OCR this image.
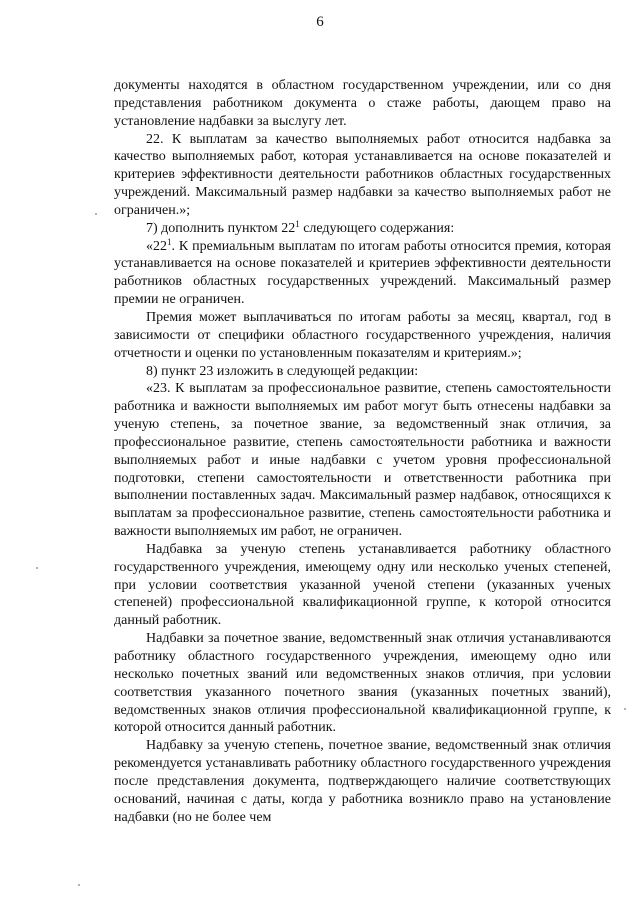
6

документы находятся в областном государственном учреждении, или со дня представления работником документа о стаже работы, дающем право на установление надбавки за выслугу лет.

22. К выплатам за качество выполняемых работ относится надбавка за качество выполняемых работ, которая устанавливается на основе показателей и критериев эффективности деятельности работников областных государственных учреждений. Максимальный размер надбавки за качество выполняемых работ не ограничен.»;

7) дополнить пунктом $22^1$ следующего содержания:

«$22^1$. К премиальным выплатам по итогам работы относится премия, которая устанавливается на основе показателей и критериев эффективности деятельности работников областных государственных учреждений. Максимальный размер премии не ограничен.

Премия может выплачиваться по итогам работы за месяц, квартал, год в зависимости от специфики областного государственного учреждения, наличия отчетности и оценки по установленным показателям и критериям.»;

8) пункт 23 изложить в следующей редакции:

«23. К выплатам за профессиональное развитие, степень самостоятельности работника и важности выполняемых им работ могут быть отнесены надбавки за ученую степень, за почетное звание, за ведомственный знак отличия, за профессиональное развитие, степень самостоятельности работника и важности выполняемых работ и иные надбавки с учетом уровня профессиональной подготовки, степени самостоятельности и ответственности работника при выполнении поставленных задач. Максимальный размер надбавок, относящихся к выплатам за профессиональное развитие, степень самостоятельности работника и важности выполняемых им работ, не ограничен.

Надбавка за ученую степень устанавливается работнику областного государственного учреждения, имеющему одну или несколько ученых степеней, при условии соответствия указанной ученой степени (указанных ученых степеней) профессиональной квалификационной группе, к которой относится данный работник.

Надбавки за почетное звание, ведомственный знак отличия устанавливаются работнику областного государственного учреждения, имеющему одно или несколько почетных званий или ведомственных знаков отличия, при условии соответствия указанного почетного звания (указанных почетных званий), ведомственных знаков отличия профессиональной квалификационной группе, к которой относится данный работник.

Надбавку за ученую степень, почетное звание, ведомственный знак отличия рекомендуется устанавливать работнику областного государственного учреждения после представления документа, подтверждающего наличие соответствующих оснований, начиная с даты, когда у работника возникло право на установление надбавки (но не более чем
